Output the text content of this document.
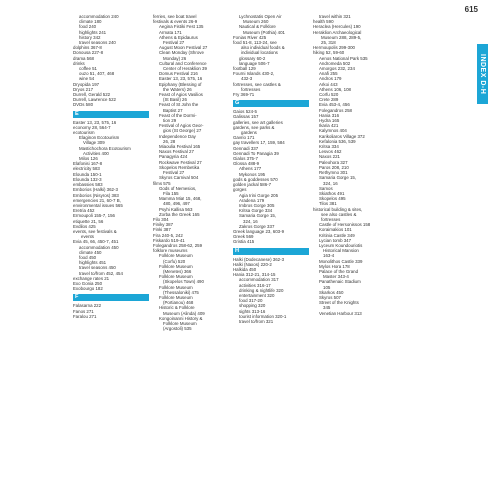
615
INDEX D-H
accommodation 240
climate 180
food 240
highlights 241
history 342
travel seasons 240
dolphins 367-8
Donousa 227-8
drama 568
drinks
coffee 51
ouzo 51, 407, 468
wine 54
Dryopida 197
Dryos 217
Durrell, Gerald 522
Durrell, Lawrence 522
DVDs 580
E
Easter 13, 23, 575, 16
economy 28, 564-7
ecotourism
Elaginon Ecotourism
Village 309
Mastichochora Ecotourism
Activities 400
Milos 126
Elafonisi 167-8
electricity 583
Elounda 150-1
Elounda 132-3
embassies 583
Emborios (Halki) 362-3
Emborios (Nisyros) 383
emergencies 21, 60-7 B,
environmental issues 565
Eretria 452
Ermoupoli 155-7, 156
etiquette 21, 56
Evdilos 425
events, see festivals &
events
Evia 45, 66, 450-7, 451
accommodation 450
climate 450
food 450
highlights 451
travel seasons 450
travel to/from 452, 454
exchange rates 21
Exo Gonia 250
Exobourgo 182
F
Falasarna 222
Fanos 271
Faralou 271
ferries, see boat travel
festivals & events 26-9
Aegina Fistiki Fest 135
Armata 171
Athens & Epidaurus
Festival 27
August Moon Festival 27
Clean Monday (Shrove
Monday) 26
Cultural and Conference
Center of Heraklion 39
Domus Festival 216
Easter 13, 23, 575, 16
Epiphany (Blessing of
the Waters) 26
Feast of Agios Vasilios
(St Basil) 26
Feast of St John the
Baptist 27
Feast of the Dormi-
tion 29
Festival of Agios Geor-
gios (St George) 27
Independence Day
26, 28
Miaoulia Festival 165
Naxos Festival 27
Panagyria 424
Rockwave Festival 27
Skopelos Rembetika
Festival 27
Skyros Carnival 504
films 575
Gods of Nemesios,
Fila 155
Mamma Mia! 15, 468,
480, 496, 497
Psyhi Kallisa 563
Zorba the Greek 165
Filo 304
Finiky 387
Finki 387
Fira 240-5, 242
Fiskardo 519-41
Folegandros 258-62, 259
folklore museums
Folklore Museum
(Corfu) 520
Folklore Museum
(Menetes) 366
Folklore Museum
(Skopelos Town) 490
Folklore Museum
(Thessaloniki) 475
Folklore Museum
(Portianou) 468
Historic & Folklore
Museum (Alinda) 409
Kongoinanni History &
Folklore Museum
(Argostoli) 535
Lychnostatis Open Air
Museum 260
Nautical & Folklore
Museum (Pothia) 401
Fonias River 425
food 51-8, 113-24, see
also individual foods &
individual locations
glossary 60-2
language 506-7
football 129
Fourni Islands 430-2,
432-3
fortresses, see castles &
fortresses
Fry 369-71
G
Gaios 524-5
Galissas 157
galleries, see art galleries
gardens, see parks &
gardens
Gavrio 171
gay travellers 17, 159, 584
Gennadi 337
Gennadi To Panagia 39
Gialos 375-7
Glossa 488-9
Athens 177
Mykonos 195
gods & goddesses 570
golden jackal 586-7
gorges
Agia Irini Gorge 205
Aradena 179
Imbros Gorge 305
Kritsa Gorge 334
Samaria Gorge 15,
324, 16
Zakros Gorge 337
Greek language 23, 603-9
Greek 569
Gristia 415
H
Halki (Dodecanese) 362-3
Halki (Naxos) 220-2
Halkida 450
Hania 312-21, 314-15
accommodation 317
activities 316-17
drinking & nightlife 320
entertainment 320
food 317-20
shopping 320
sights 313-16
tourist information 320-1
travel to/from 321
travel within 321
health 590
Heraclea (Hercules) 190
Heraklion Archaeological
Museum 288, 289-5,
25, 318
Hermoupolis 299-300
hiking 52, 59-60
Aenos National Park 535
Andromeda 502
Amorgos 232, 234
Anafi 255
Andros 179
Arkoi 443
Athens 106, 108
Corfu 520
Crete 289
Evia 453-4, 456
Folegandros 258
Hania 316
Hydra 165
Ikaria 421
Kalymnos 404
Karikoliaros Village 372
Kefalonia 536, 539
Kritsa 334
Lesvos 462
Naxos 221
Paleohora 327
Paros 208, 210
Rethymno 301
Samaria Gorge 15,
324, 16
Samos
Skiathos 491
Skopelos 495
Tilos 381
historical building & sites,
see also castles &
fortresses
Castle of Hersonissos 158
Koraimakios 101
Kritinia Castle 349
Lycian tomb 347
Lyceum Koundouriotis
Historical Mansion
163-4
Monolithos Castle 339
Mylos Hora 178
Palace of the Grand
Master 343-4
Panathenaic Stadium
105
Skarkos 450
Skyros 507
Street of the Knights
345
Venetian Harbour 313
